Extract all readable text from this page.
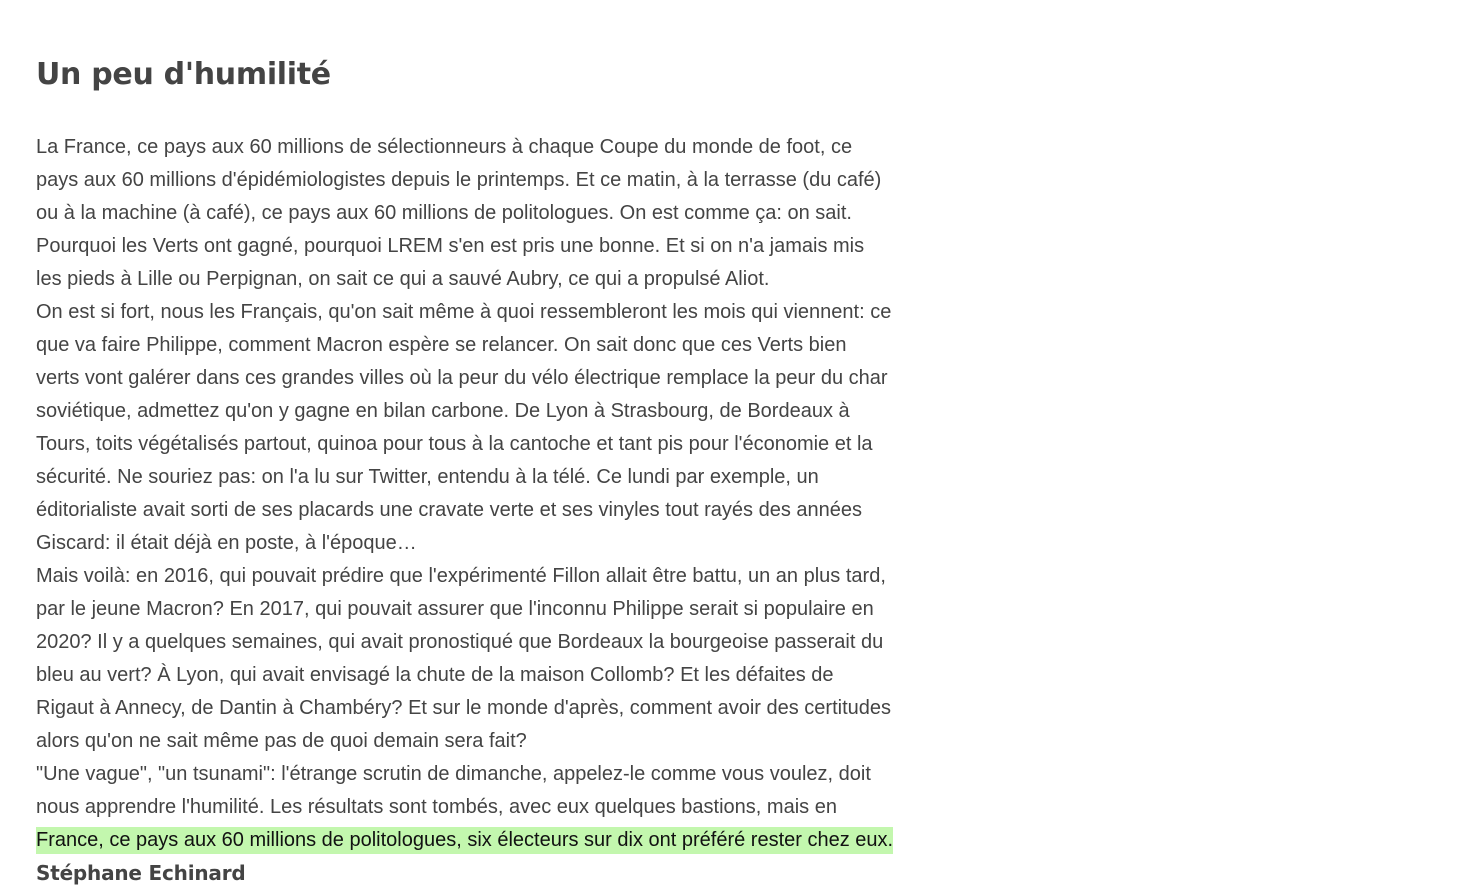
Un peu d'humilité
La France, ce pays aux 60 millions de sélectionneurs à chaque Coupe du monde de foot, ce
pays aux 60 millions d'épidémiologistes depuis le printemps. Et ce matin, à la terrasse (du café)
ou à la machine (à café), ce pays aux 60 millions de politologues. On est comme ça: on sait.
Pourquoi les Verts ont gagné, pourquoi LREM s'en est pris une bonne. Et si on n'a jamais mis
les pieds à Lille ou Perpignan, on sait ce qui a sauvé Aubry, ce qui a propulsé Aliot.
On est si fort, nous les Français, qu'on sait même à quoi ressembleront les mois qui viennent: ce
que va faire Philippe, comment Macron espère se relancer. On sait donc que ces Verts bien
verts vont galérer dans ces grandes villes où la peur du vélo électrique remplace la peur du char
soviétique, admettez qu'on y gagne en bilan carbone. De Lyon à Strasbourg, de Bordeaux à
Tours, toits végétalisés partout, quinoa pour tous à la cantoche et tant pis pour l'économie et la
sécurité. Ne souriez pas: on l'a lu sur Twitter, entendu à la télé. Ce lundi par exemple, un
éditorialiste avait sorti de ses placards une cravate verte et ses vinyles tout rayés des années
Giscard: il était déjà en poste, à l'époque…
Mais voilà: en 2016, qui pouvait prédire que l'expérimenté Fillon allait être battu, un an plus tard,
par le jeune Macron? En 2017, qui pouvait assurer que l'inconnu Philippe serait si populaire en
2020? Il y a quelques semaines, qui avait pronostiqué que Bordeaux la bourgeoise passerait du
bleu au vert? À Lyon, qui avait envisagé la chute de la maison Collomb? Et les défaites de
Rigaut à Annecy, de Dantin à Chambéry? Et sur le monde d'après, comment avoir des certitudes
alors qu'on ne sait même pas de quoi demain sera fait?
"Une vague", "un tsunami": l'étrange scrutin de dimanche, appelez-le comme vous voulez, doit
nous apprendre l'humilité. Les résultats sont tombés, avec eux quelques bastions, mais en
France, ce pays aux 60 millions de politologues, six électeurs sur dix ont préféré rester chez eux.
Stéphane Echinard
